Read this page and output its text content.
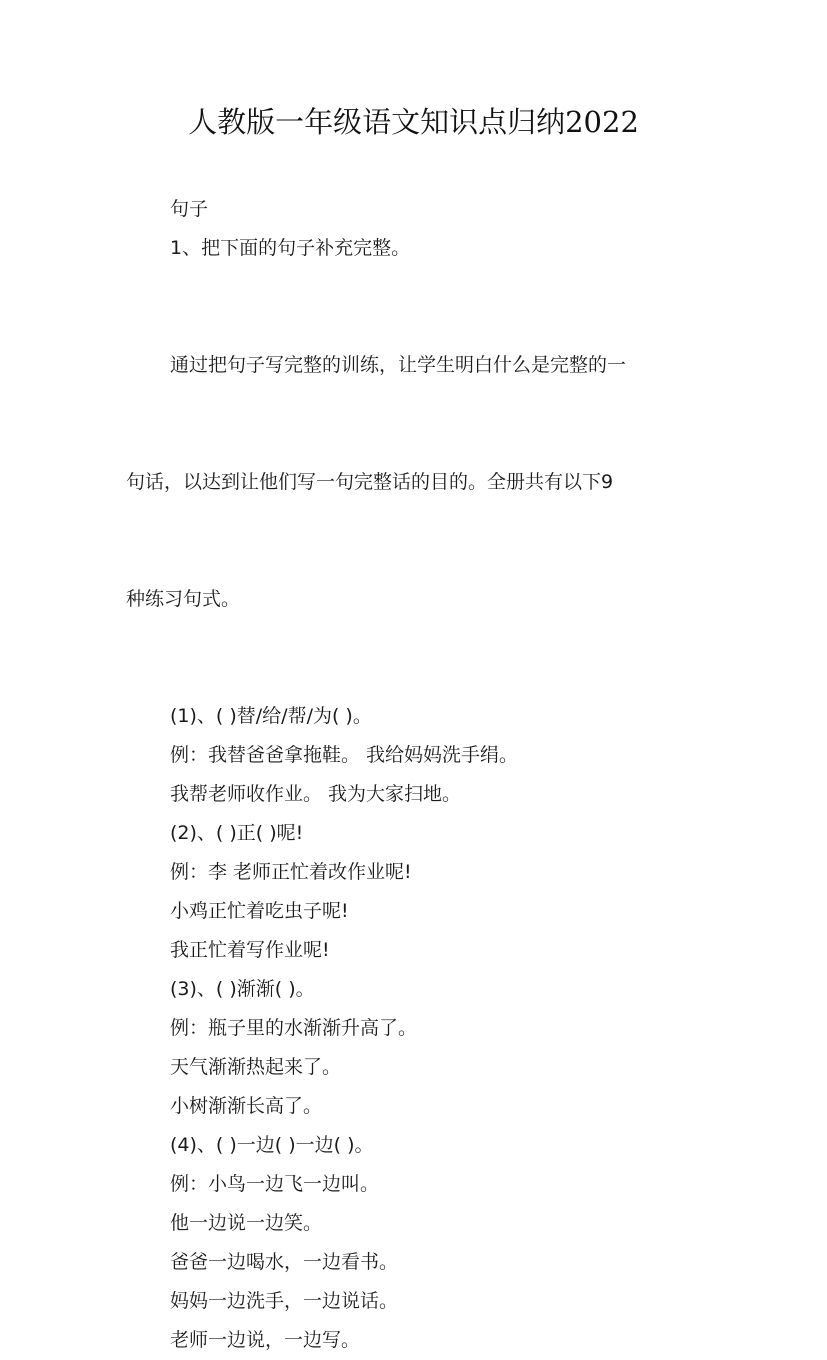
人教版一年级语文知识点归纳2022

句子

1、把下面的句子补充完整。

通过把句子写完整的训练，让学生明白什么是完整的一

句话，以达到让他们写一句完整话的目的。全册共有以下9

种练习句式。

(1)、( )替/给/帮/为( )。

例：我替爸爸拿拖鞋。 我给妈妈洗手绢。

我帮老师收作业。 我为大家扫地。

(2)、( )正( )呢!

例：李 老师正忙着改作业呢!

小鸡正忙着吃虫子呢!

我正忙着写作业呢!

(3)、( )渐渐( )。

例：瓶子里的水渐渐升高了。

天气渐渐热起来了。

小树渐渐长高了。

(4)、( )一边( )一边( )。

例：小鸟一边飞一边叫。

他一边说一边笑。

爸爸一边喝水，一边看书。

妈妈一边洗手，一边说话。

老师一边说，一边写。
